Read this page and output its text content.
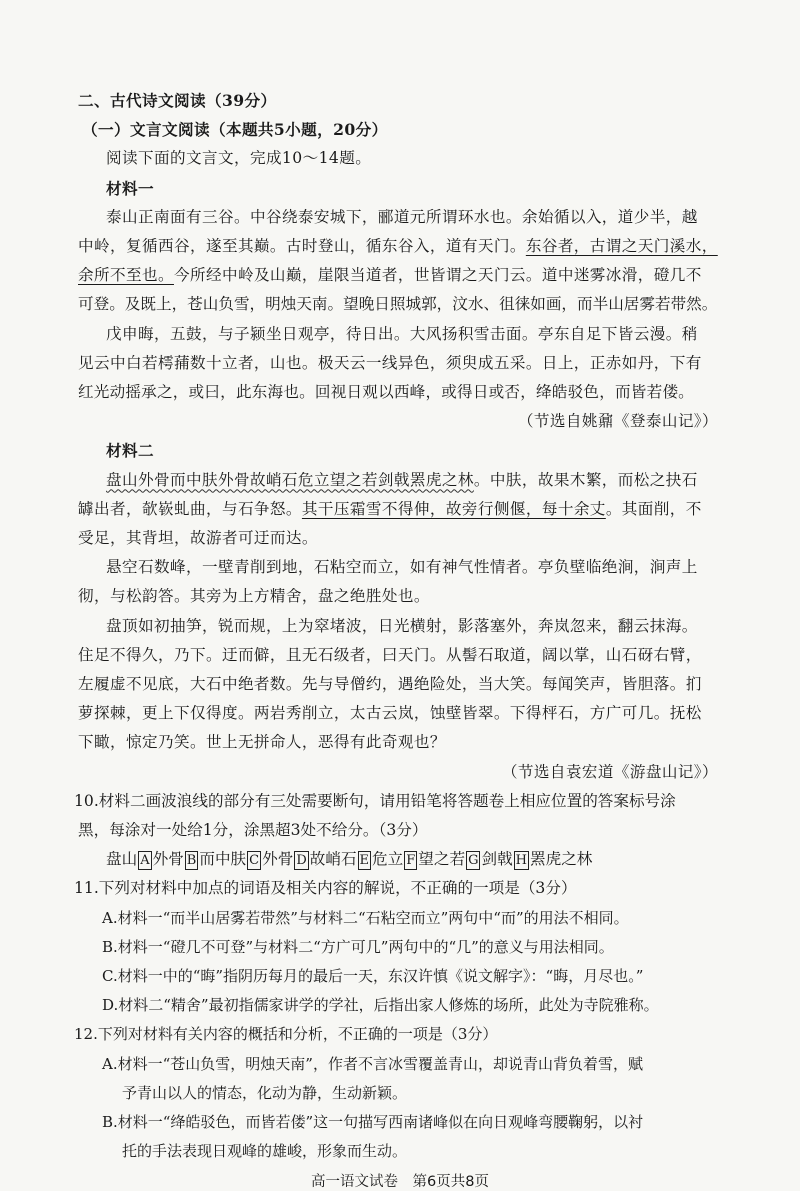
二、古代诗文阅读（39分）
（一）文言文阅读（本题共5小题，20分）
阅读下面的文言文，完成10～14题。
材料一
泰山正南面有三谷。中谷绕泰安城下，郦道元所谓环水也。余始循以入，道少半，越
中岭，复循西谷，遂至其巅。古时登山，循东谷入，道有天门。东谷者，古谓之天门溪水，
余所不至也。今所经中岭及山巅，崖限当道者，世皆谓之天门云。道中迷雾冰滑，磴几不
可登。及既上，苍山负雪，明烛天南。望晚日照城郭，汶水、徂徕如画，而半山居雾若带然。
戊申晦，五鼓，与子颍坐日观亭，待日出。大风扬积雪击面。亭东自足下皆云漫。稍
见云中白若樗蒱数十立者，山也。极天云一线异色，须臾成五采。日上，正赤如丹，下有
红光动摇承之，或曰，此东海也。回视日观以西峰，或得日或否，绛皓驳色，而皆若偻。
（节选自姚鼐《登泰山记》）
材料二
盘山外骨而中肤外骨故峭石危立望之若剑戟罴虎之林。中肤，故果木繁，而松之抉石
罅出者，欹嵚虬曲，与石争怒。其干压霜雪不得伸，故旁行侧偃，每十余丈。其面削，不
受足，其背坦，故游者可迂而达。
悬空石数峰，一壁青削到地，石粘空而立，如有神气性情者。亭负壁临绝涧，涧声上
彻，与松韵答。其旁为上方精舍，盘之绝胜处也。
盘顶如初抽笋，锐而规，上为窣堵波，日光横射，影落塞外，奔岚忽来，翻云抹海。
住足不得久，乃下。迂而僻，且无石级者，曰天门。从髻石取道，阔以掌，山石砑右臂，
左履虚不见底，大石中绝者数。先与导僧约，遇绝险处，当大笑。每闻笑声，皆胆落。扪
萝探棘，更上下仅得度。两岩秀削立，太古云岚，蚀壁皆翠。下得枰石，方广可几。抚松
下瞰，惊定乃笑。世上无拼命人，恶得有此奇观也？
（节选自袁宏道《游盘山记》）
10.材料二画波浪线的部分有三处需要断句，请用铅笔将答题卷上相应位置的答案标号涂
黑，每涂对一处给1分，涂黑超3处不给分。（3分）
盘山 A 外骨 B 而中肤 C 外骨 D 故峭石 E 危立 F 望之若 G 剑戟 H 罴虎之林
11.下列对材料中加点的词语及相关内容的解说，不正确的一项是（3分）
A.材料一“而半山居雾若带然”与材料二“石粘空而立”两句中“而”的用法不相同。
B.材料一“磴几不可登”与材料二“方广可几”两句中的“几”的意义与用法相同。
C.材料一中的“晦”指阴历每月的最后一天，东汉许慎《说文解字》：“晦，月尽也。”
D.材料二“精舍”最初指儒家讲学的学社，后指出家人修炼的场所，此处为寺院雅称。
12.下列对材料有关内容的概括和分析，不正确的一项是（3分）
高一语文试卷　第6页共8页
A.材料一“苍山负雪，明烛天南”，作者不言冰雪覆盖青山，却说青山背负着雪，赋
予青山以人的情态，化动为静，生动新颖。
B.材料一“绛皓驳色，而皆若偻”这一句描写西南诸峰似在向日观峰弯腰鞠躬，以衬
托的手法表现日观峰的雄峻，形象而生动。
